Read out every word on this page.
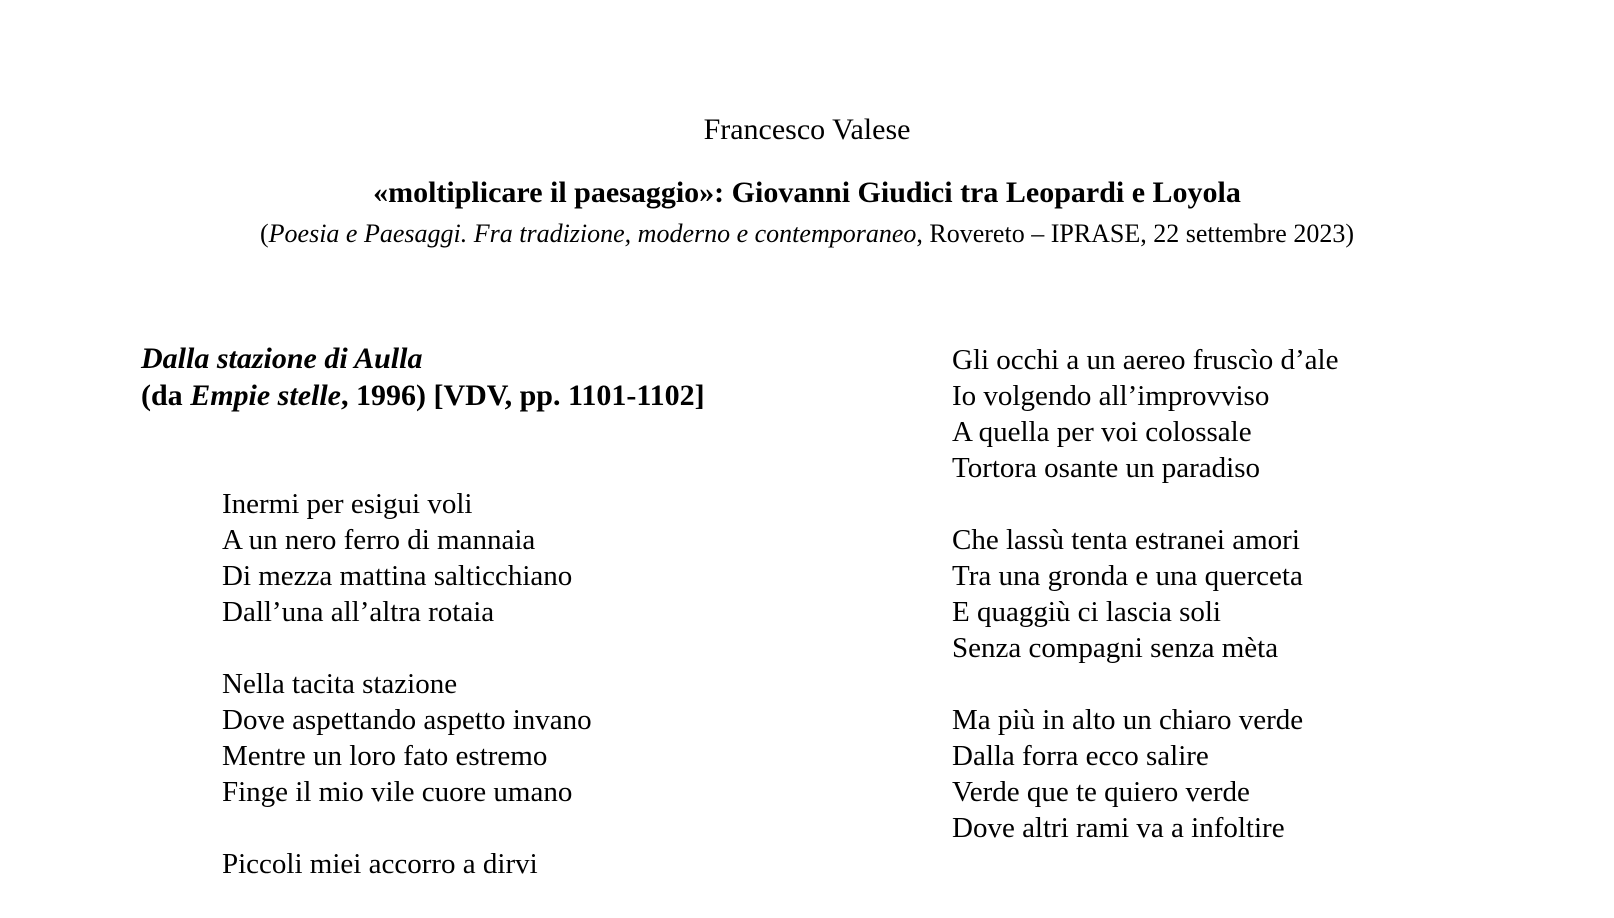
Francesco Valese
«moltiplicare il paesaggio»: Giovanni Giudici tra Leopardi e Loyola
(Poesia e Paesaggi. Fra tradizione, moderno e contemporaneo, Rovereto – IPRASE, 22 settembre 2023)
Dalla stazione di Aulla
(da Empie stelle, 1996) [VDV, pp. 1101-1102]
Inermi per esigui voli
A un nero ferro di mannaia
Di mezza mattina salticchiano
Dall’una all’altra rotaia
Nella tacita stazione
Dove aspettando aspetto invano
Mentre un loro fato estremo
Finge il mio vile cuore umano
Piccoli miei accorro a dirvi
Gli occhi a un aereo fruscìo d’ale
Io volgendo all’improvviso
A quella per voi colossale
Tortora osante un paradiso
Che lassù tenta estranei amori
Tra una gronda e una querceta
E quaggiù ci lascia soli
Senza compagni senza mèta
Ma più in alto un chiaro verde
Dalla forra ecco salire
Verde que te quiero verde
Dove altri rami va a infoltire
